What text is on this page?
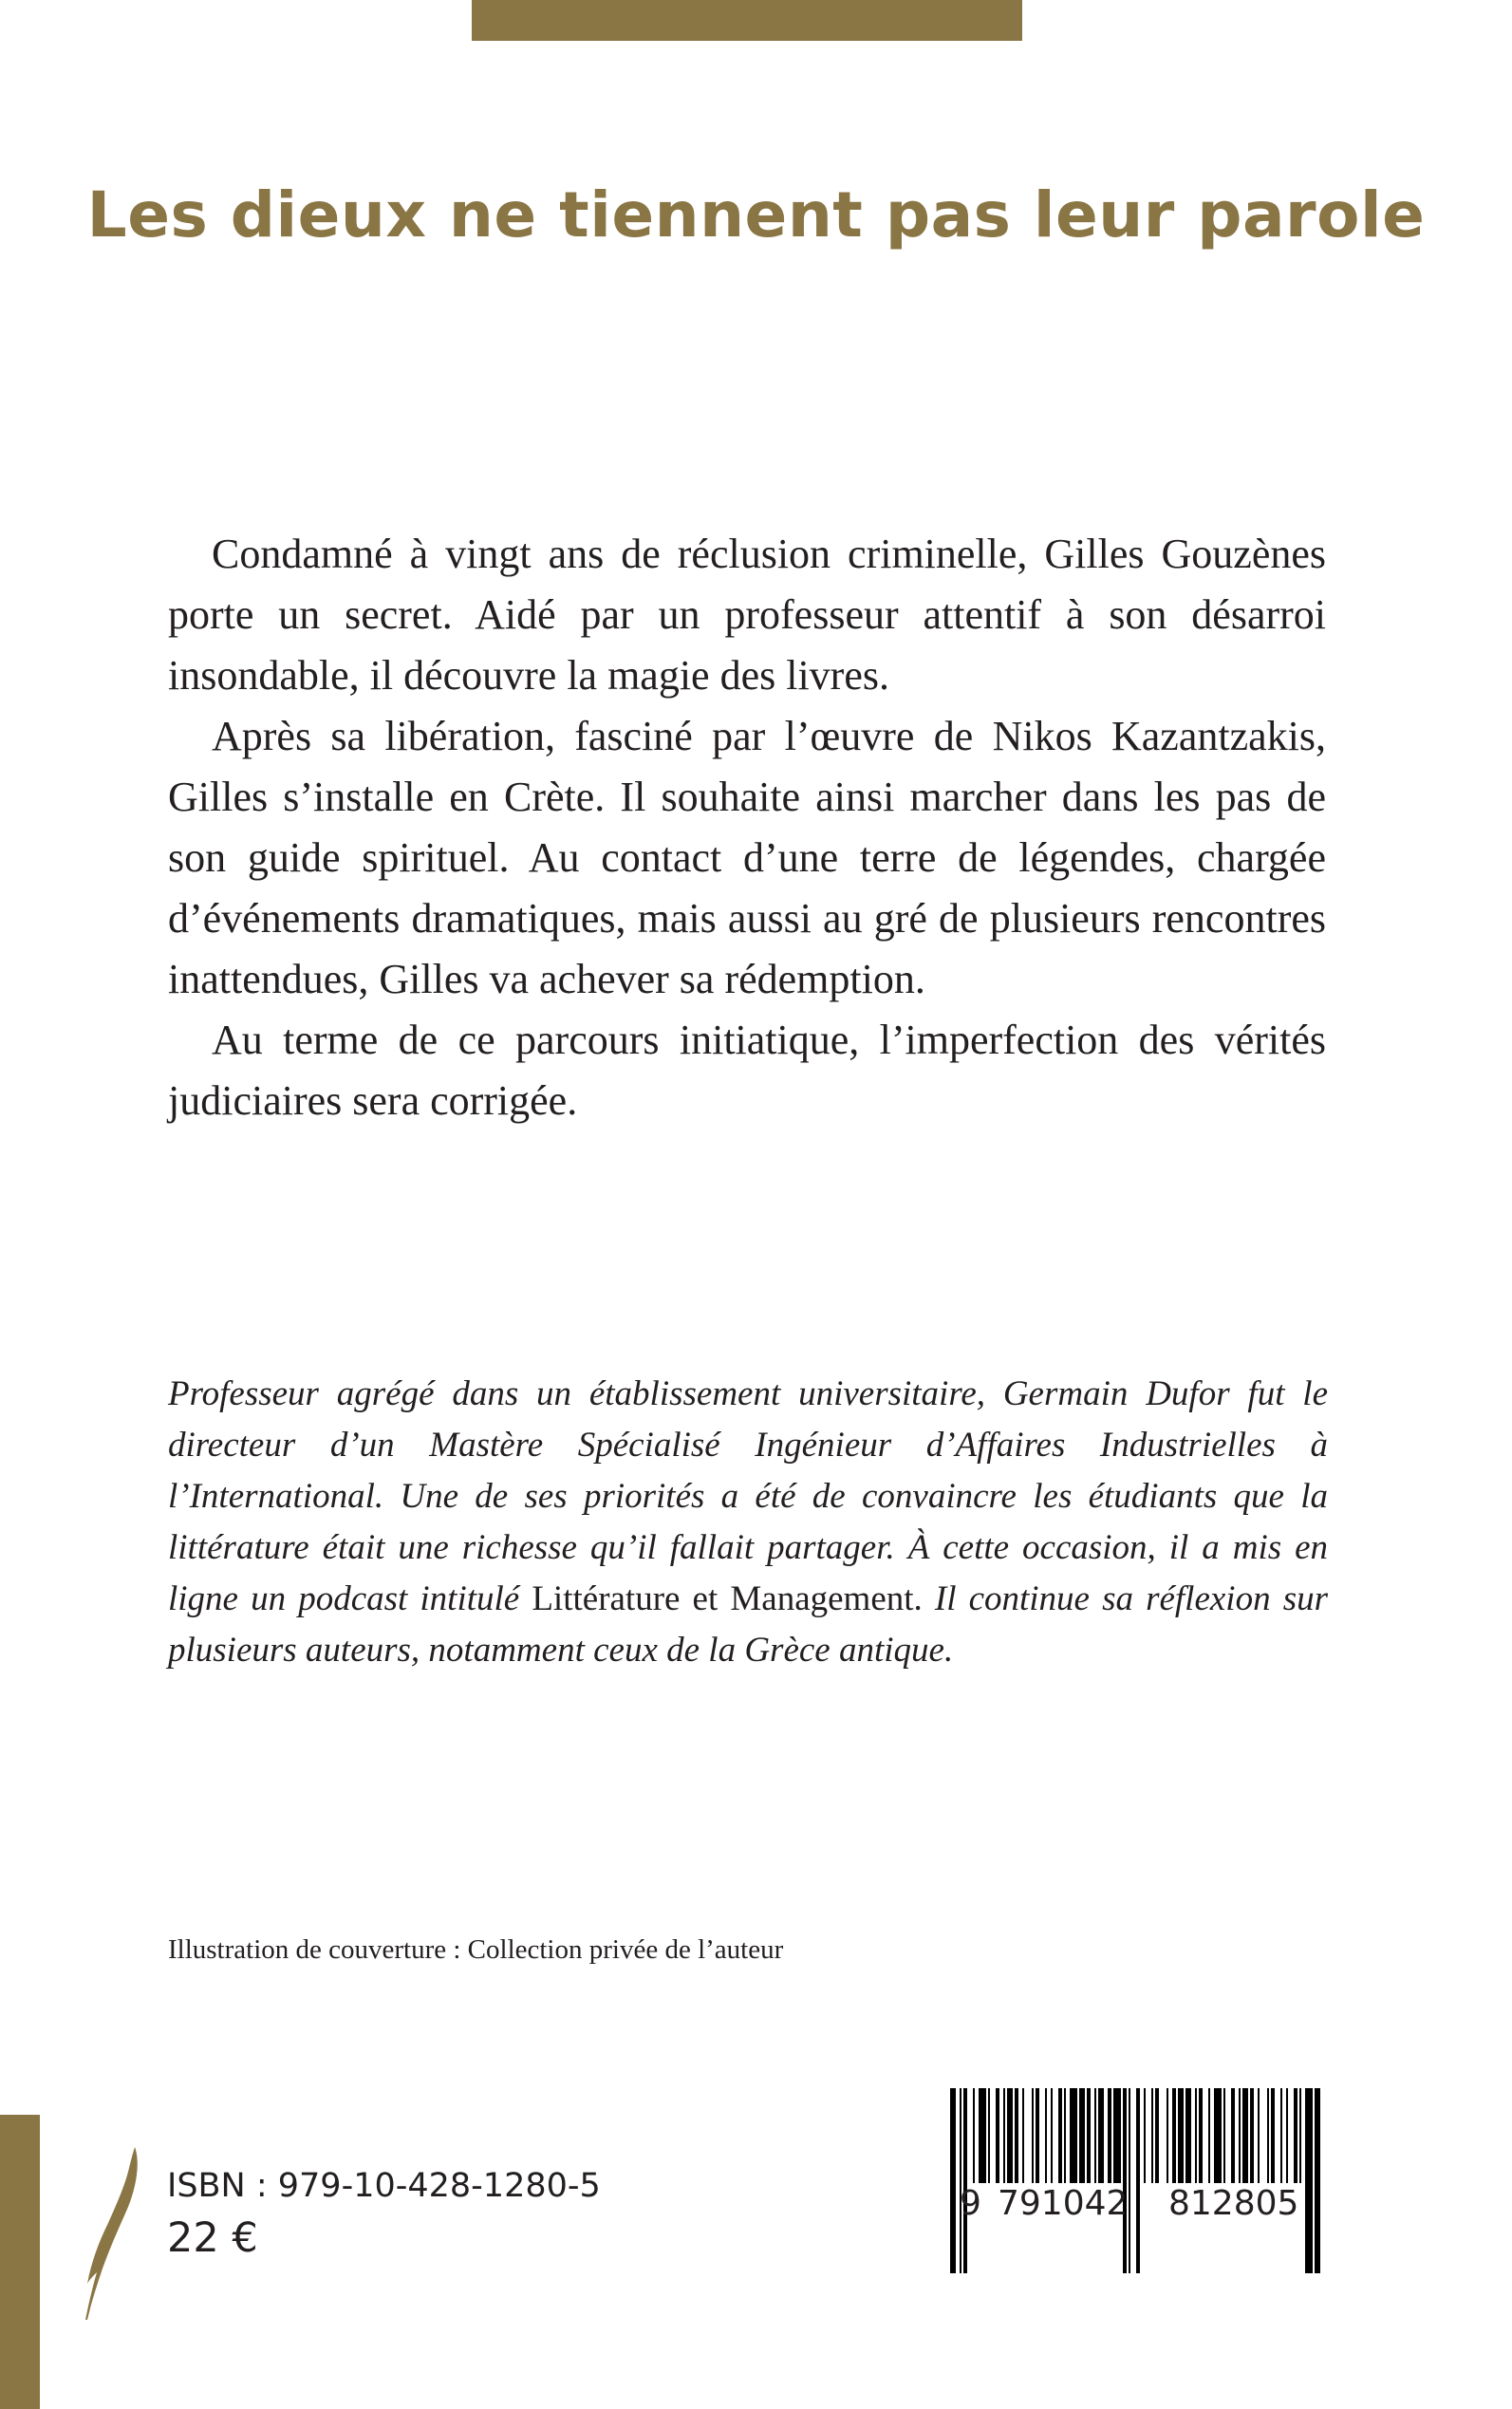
Les dieux ne tiennent pas leur parole

Condamné à vingt ans de réclusion criminelle, Gilles Gouzènes porte un secret. Aidé par un professeur attentif à son désarroi insondable, il découvre la magie des livres.

Après sa libération, fasciné par l’œuvre de Nikos Kazantzakis, Gilles s’installe en Crète. Il souhaite ainsi marcher dans les pas de son guide spirituel. Au contact d’une terre de légendes, chargée d’événements dramatiques, mais aussi au gré de plusieurs rencontres inattendues, Gilles va achever sa rédemption.

Au terme de ce parcours initiatique, l’imperfection des vérités judiciaires sera corrigée.

Professeur agrégé dans un établissement universitaire, Germain Dufor fut le directeur d’un Mastère Spécialisé Ingénieur d’Affaires Industrielles à l’International. Une de ses priorités a été de convaincre les étudiants que la littérature était une richesse qu’il fallait partager. À cette occasion, il a mis en ligne un podcast intitulé Littérature et Management. Il continue sa réflexion sur plusieurs auteurs, notamment ceux de la Grèce antique.

Illustration de couverture : Collection privée de l’auteur
ISBN : 979-10-428-1280-5
22 €
9 791042 812805
